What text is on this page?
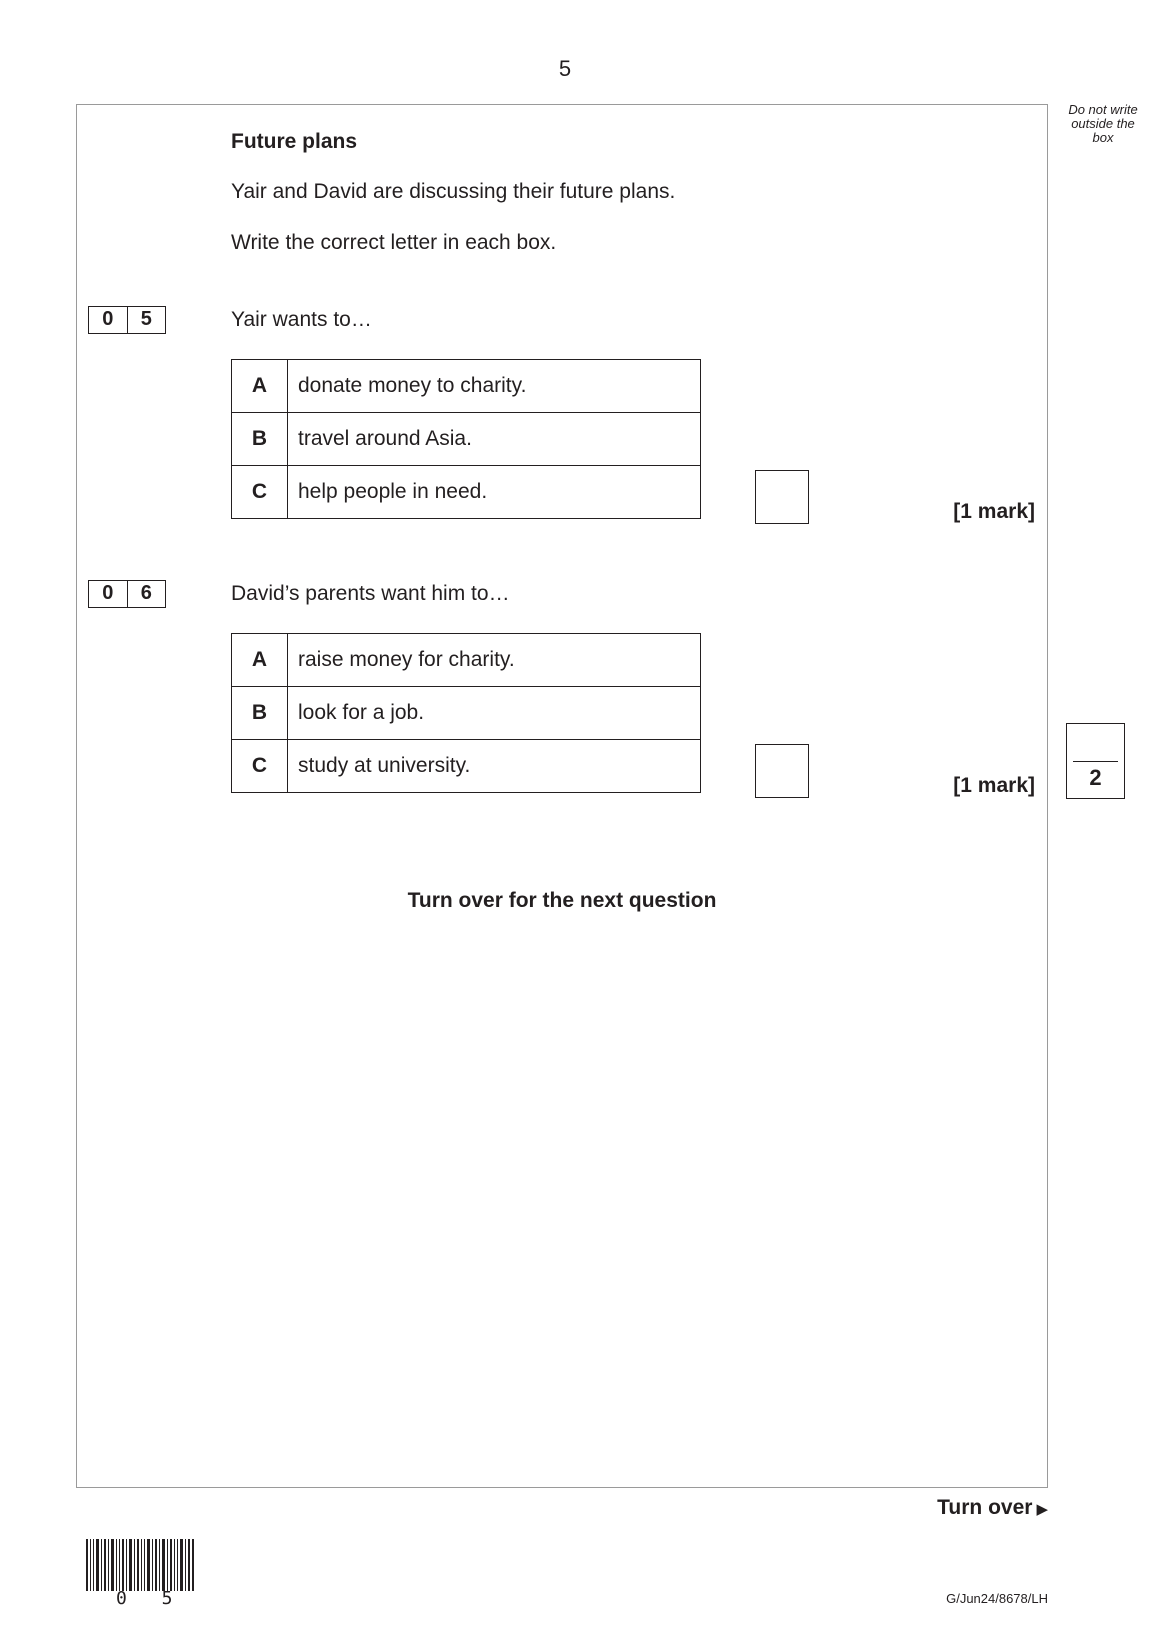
5
Do not write outside the box
Future plans
Yair and David are discussing their future plans.
Write the correct letter in each box.
0	5	Yair wants to…
A	donate money to charity.
B	travel around Asia.
C	help people in need.
[1 mark]
0	6	David’s parents want him to…
A	raise money for charity.
B	look for a job.
C	study at university.
[1 mark]	2
Turn over for the next question
Turn over ▶
0 5	G/Jun24/8678/LH
